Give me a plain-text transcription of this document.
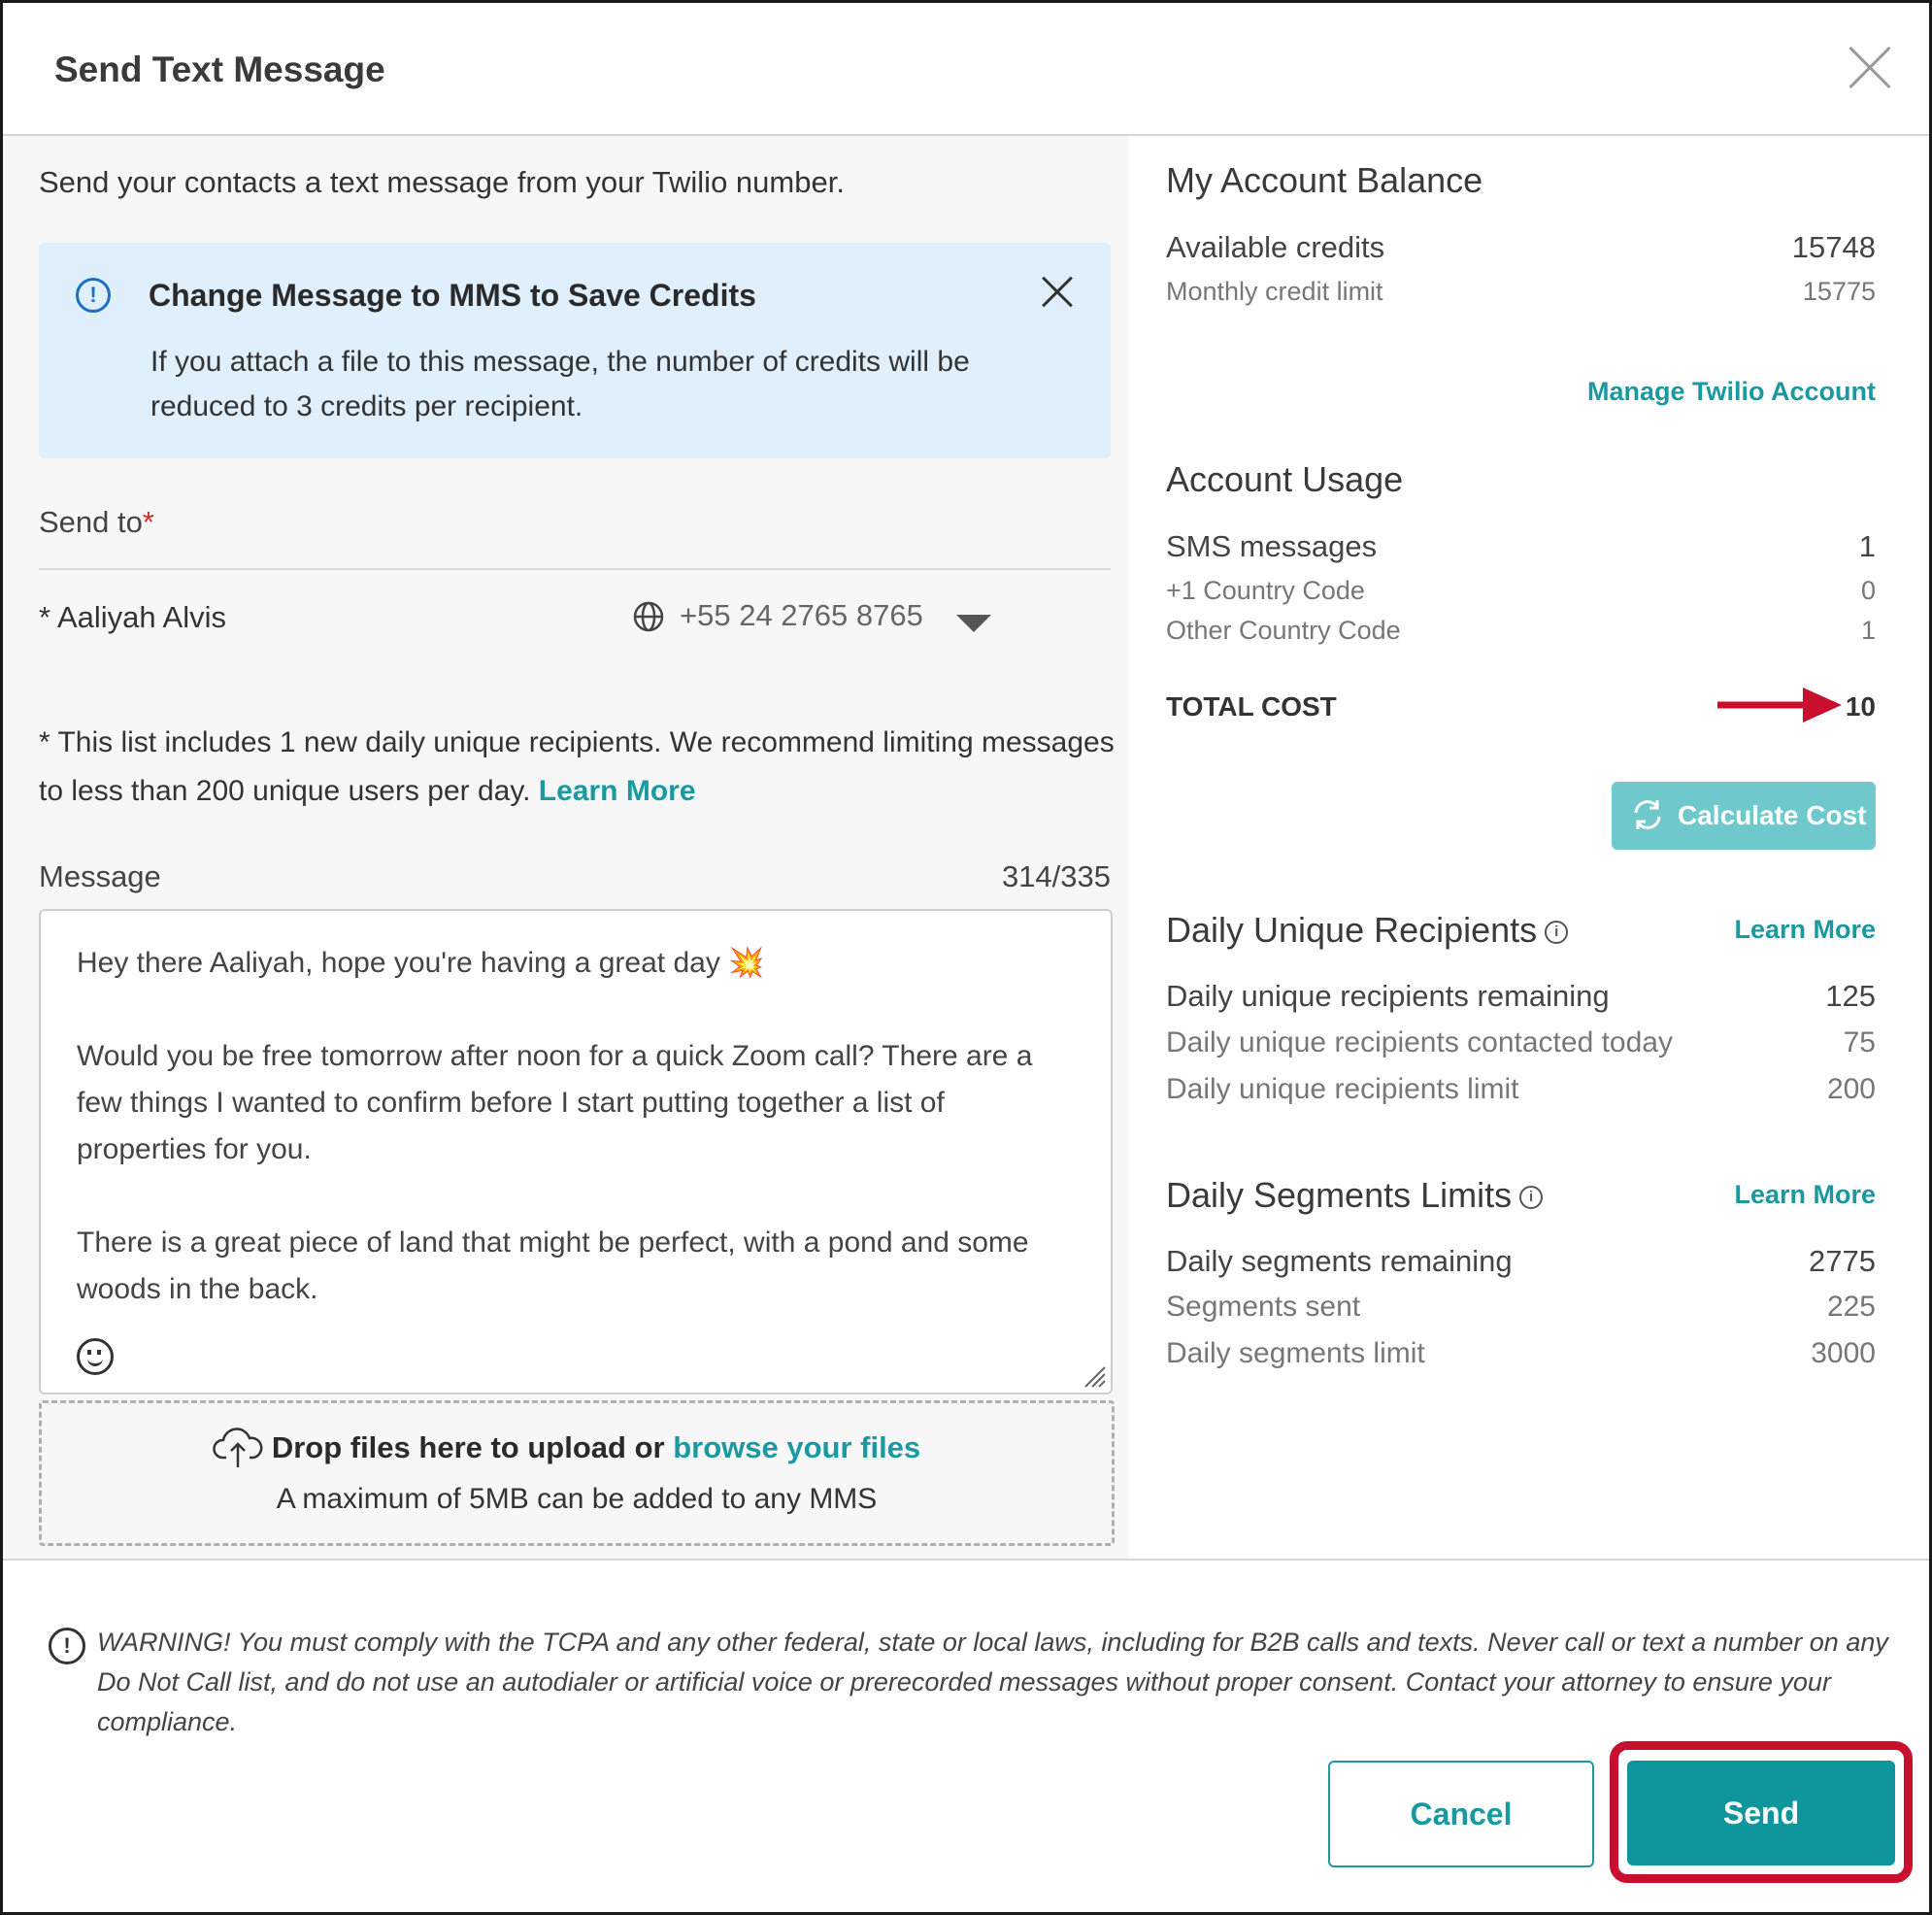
Send Text Message
Send your contacts a text message from your Twilio number.
!	Change Message to MMS to Save Credits
If you attach a file to this message, the number of credits will be reduced to 3 credits per recipient.
Send to*
* Aaliyah Alvis	+55 24 2765 8765
* This list includes 1 new daily unique recipients. We recommend limiting messages to less than 200 unique users per day. Learn More
Message	314/335
Hey there Aaliyah, hope you're having a great day 💥

Would you be free tomorrow after noon for a quick Zoom call? There are a few things I wanted to confirm before I start putting together a list of properties for you.

There is a great piece of land that might be perfect, with a pond and some woods in the back.
Drop files here to upload or browse your files
A maximum of 5MB can be added to any MMS
My Account Balance
Available credits	15748
Monthly credit limit	15775
Manage Twilio Account
Account Usage
SMS messages	1
+1 Country Code	0
Other Country Code	1
TOTAL COST	10
Calculate Cost
Daily Unique Recipients i	Learn More
Daily unique recipients remaining	125
Daily unique recipients contacted today	75
Daily unique recipients limit	200
Daily Segments Limits i	Learn More
Daily segments remaining	2775
Segments sent	225
Daily segments limit	3000
!	WARNING! You must comply with the TCPA and any other federal, state or local laws, including for B2B calls and texts. Never call or text a number on any Do Not Call list, and do not use an autodialer or artificial voice or prerecorded messages without proper consent. Contact your attorney to ensure your compliance.
Cancel	Send
